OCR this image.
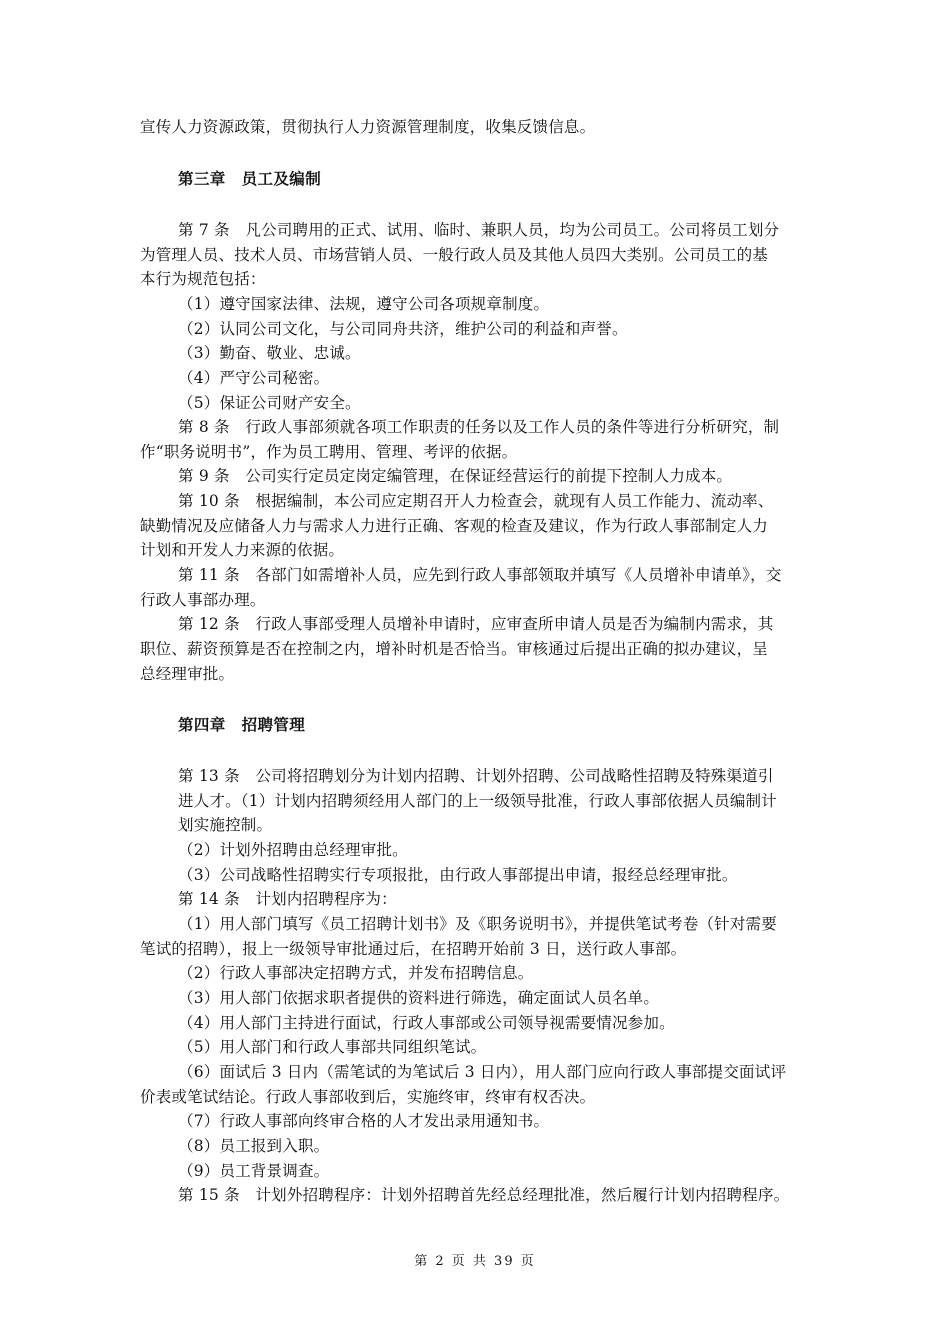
宣传人力资源政策，贯彻执行人力资源管理制度，收集反馈信息。
第三章　员工及编制
第 7 条　凡公司聘用的正式、试用、临时、兼职人员，均为公司员工。公司将员工划分
为管理人员、技术人员、市场营销人员、一般行政人员及其他人员四大类别。公司员工的基
本行为规范包括：
（1）遵守国家法律、法规，遵守公司各项规章制度。
（2）认同公司文化，与公司同舟共济，维护公司的利益和声誉。
（3）勤奋、敬业、忠诚。
（4）严守公司秘密。
（5）保证公司财产安全。
第 8 条　行政人事部须就各项工作职责的任务以及工作人员的条件等进行分析研究，制
作“职务说明书”，作为员工聘用、管理、考评的依据。
第 9 条　公司实行定员定岗定编管理，在保证经营运行的前提下控制人力成本。
第 10 条　根据编制，本公司应定期召开人力检查会，就现有人员工作能力、流动率、
缺勤情况及应储备人力与需求人力进行正确、客观的检查及建议，作为行政人事部制定人力
计划和开发人力来源的依据。
第 11 条　各部门如需增补人员，应先到行政人事部领取并填写《人员增补申请单》，交
行政人事部办理。
第 12 条　行政人事部受理人员增补申请时，应审查所申请人员是否为编制内需求，其
职位、薪资预算是否在控制之内，增补时机是否恰当。审核通过后提出正确的拟办建议，呈
总经理审批。
第四章　招聘管理
第 13 条　公司将招聘划分为计划内招聘、计划外招聘、公司战略性招聘及特殊渠道引
进人才。（1）计划内招聘须经用人部门的上一级领导批准，行政人事部依据人员编制计
划实施控制。
（2）计划外招聘由总经理审批。
（3）公司战略性招聘实行专项报批，由行政人事部提出申请，报经总经理审批。
第 14 条　计划内招聘程序为：
（1）用人部门填写《员工招聘计划书》及《职务说明书》，并提供笔试考卷（针对需要
笔试的招聘），报上一级领导审批通过后，在招聘开始前 3 日，送行政人事部。
（2）行政人事部决定招聘方式，并发布招聘信息。
（3）用人部门依据求职者提供的资料进行筛选，确定面试人员名单。
（4）用人部门主持进行面试，行政人事部或公司领导视需要情况参加。
（5）用人部门和行政人事部共同组织笔试。
（6）面试后 3 日内（需笔试的为笔试后 3 日内），用人部门应向行政人事部提交面试评
价表或笔试结论。行政人事部收到后，实施终审，终审有权否决。
（7）行政人事部向终审合格的人才发出录用通知书。
（8）员工报到入职。
（9）员工背景调查。
第 15 条　计划外招聘程序：计划外招聘首先经总经理批准，然后履行计划内招聘程序。
第 2 页 共 39 页
